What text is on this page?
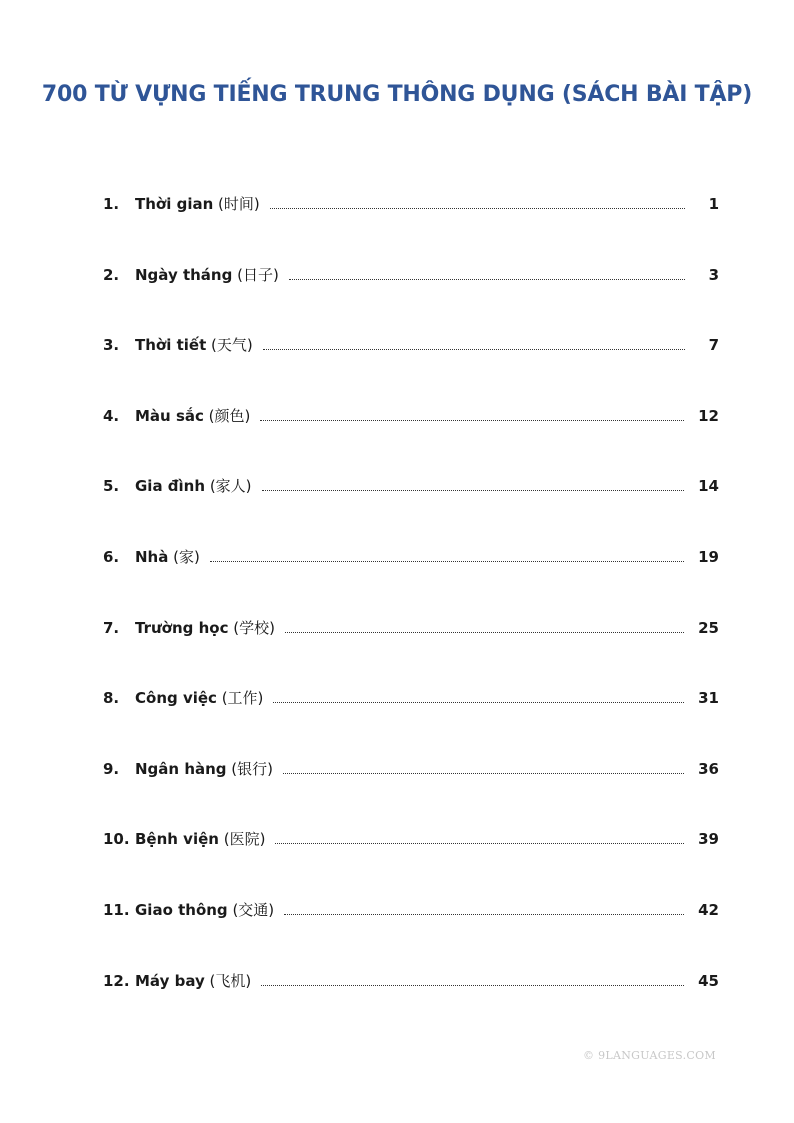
700 TỪ VỰNG TIẾNG TRUNG THÔNG DỤNG (SÁCH BÀI TẬP)
1.	Thời gian (时间)	1
2.	Ngày tháng (日子)	3
3.	Thời tiết (天气)	7
4.	Màu sắc (颜色)	12
5.	Gia đình (家人)	14
6.	Nhà (家)	19
7.	Trường học (学校)	25
8.	Công việc (工作)	31
9.	Ngân hàng (银行)	36
10. Bệnh viện (医院)	39
11. Giao thông (交通)	42
12. Máy bay (飞机)	45
© 9LANGUAGES.COM
